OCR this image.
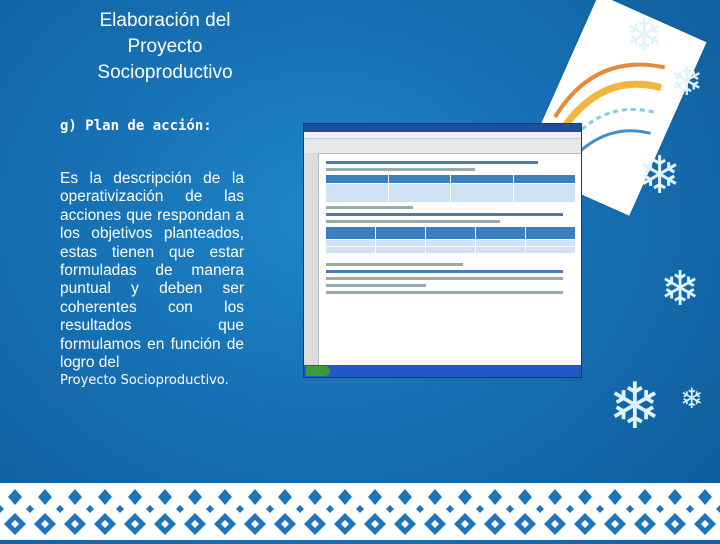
❄
❄
❄
❄
❄ ❄
Elaboración del
Proyecto
Socioproductivo
g) Plan de acción:
Es la descripción de la operativización de las acciones que respondan a los objetivos planteados, estas tienen que estar formuladas de manera puntual y deben ser coherentes con los resultados que formulamos en función de logro del
Proyecto Socioproductivo.
